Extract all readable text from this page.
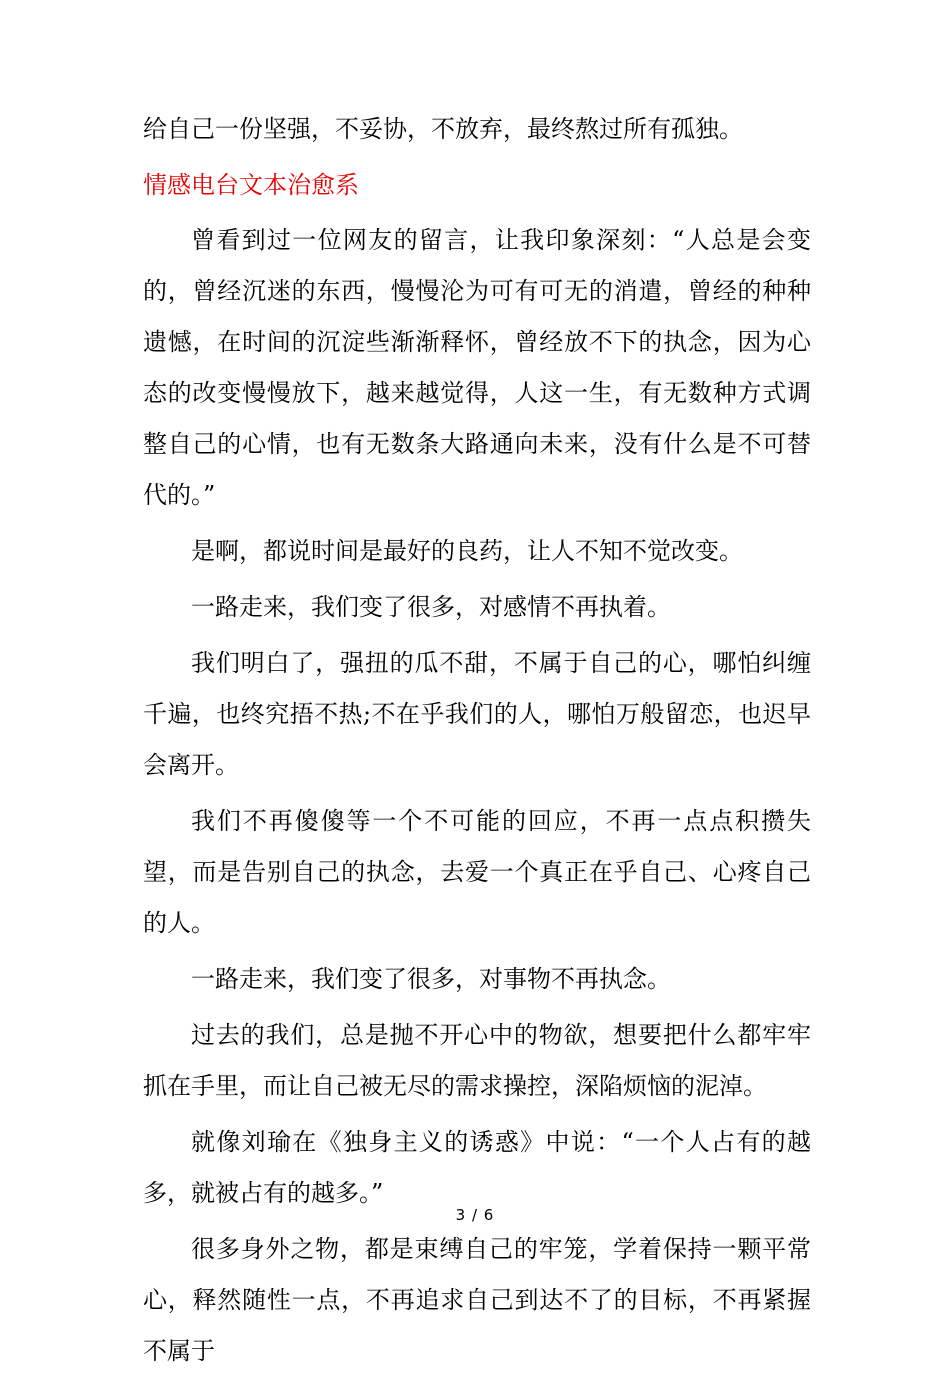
给自己一份坚强，不妥协，不放弃，最终熬过所有孤独。

情感电台文本治愈系

曾看到过一位网友的留言，让我印象深刻：“人总是会变的，曾经沉迷的东西，慢慢沦为可有可无的消遣，曾经的种种遗憾，在时间的沉淀些渐渐释怀，曾经放不下的执念，因为心态的改变慢慢放下，越来越觉得，人这一生，有无数种方式调整自己的心情，也有无数条大路通向未来，没有什么是不可替代的。”

是啊，都说时间是最好的良药，让人不知不觉改变。

一路走来，我们变了很多，对感情不再执着。

我们明白了，强扭的瓜不甜，不属于自己的心，哪怕纠缠千遍，也终究捂不热;不在乎我们的人，哪怕万般留恋，也迟早会离开。

我们不再傻傻等一个不可能的回应，不再一点点积攒失望，而是告别自己的执念，去爱一个真正在乎自己、心疼自己的人。

一路走来，我们变了很多，对事物不再执念。

过去的我们，总是抛不开心中的物欲，想要把什么都牢牢抓在手里，而让自己被无尽的需求操控，深陷烦恼的泥淖。

就像刘瑜在《独身主义的诱惑》中说：“一个人占有的越多，就被占有的越多。”

很多身外之物，都是束缚自己的牢笼，学着保持一颗平常心，释然随性一点，不再追求自己到达不了的目标，不再紧握不属于

3 / 6
